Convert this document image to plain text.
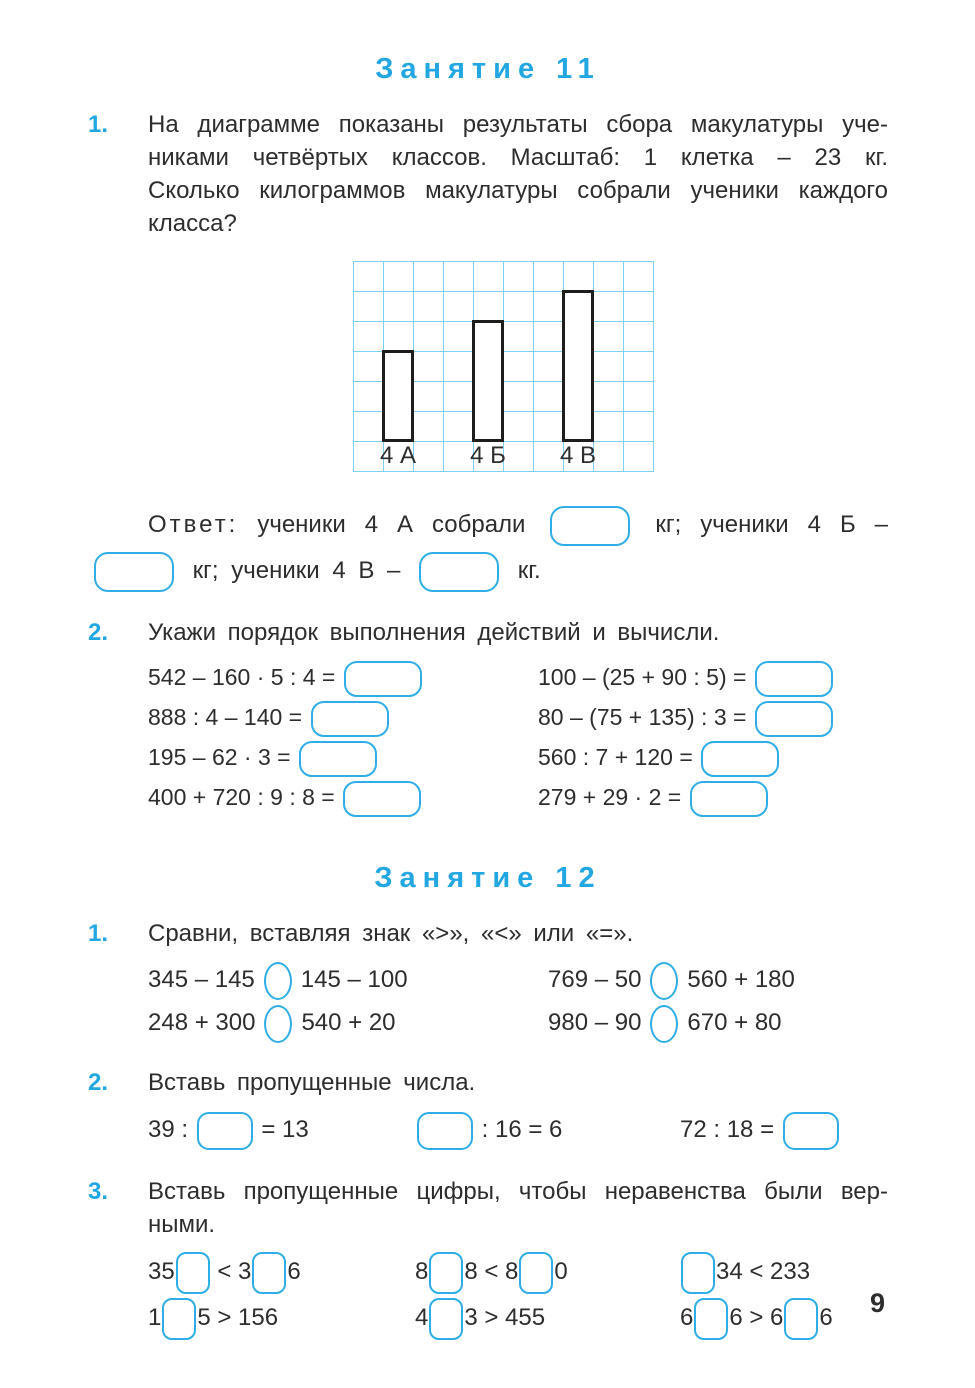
Занятие 11
1.	На диаграмме показаны результаты сбора макулатуры уче-
никами четвёртых классов. Масштаб: 1 клетка – 23 кг.
Сколько килограммов макулатуры собрали ученики каждого
класса?
4 А 4 Б 4 В
Ответ: ученики 4 А собрали	кг; ученики 4 Б –
кг; ученики 4 В –	кг.
2.	Укажи порядок выполнения действий и вычисли.
542 – 160 · 5 : 4 =	100 – (25 + 90 : 5) =
888 : 4 – 140 =	80 – (75 + 135) : 3 =
195 – 62 · 3 =	560 : 7 + 120 =
400 + 720 : 9 : 8 =	279 + 29 · 2 =
Занятие 12
1.	Сравни, вставляя знак «>», «<» или «=».
345 – 145 145 – 100	769 – 50 560 + 180
248 + 300 540 + 20	980 – 90 670 + 80
2.	Вставь пропущенные числа.
39 :	= 13	: 16 = 6	72 : 18 =
3.	Вставь пропущенные цифры, чтобы неравенства были вер-
ными.
35 < 3 6	8 8 < 8 0	34 < 233
1 5 > 156	4 3 > 455	6 6 > 6 6	9
